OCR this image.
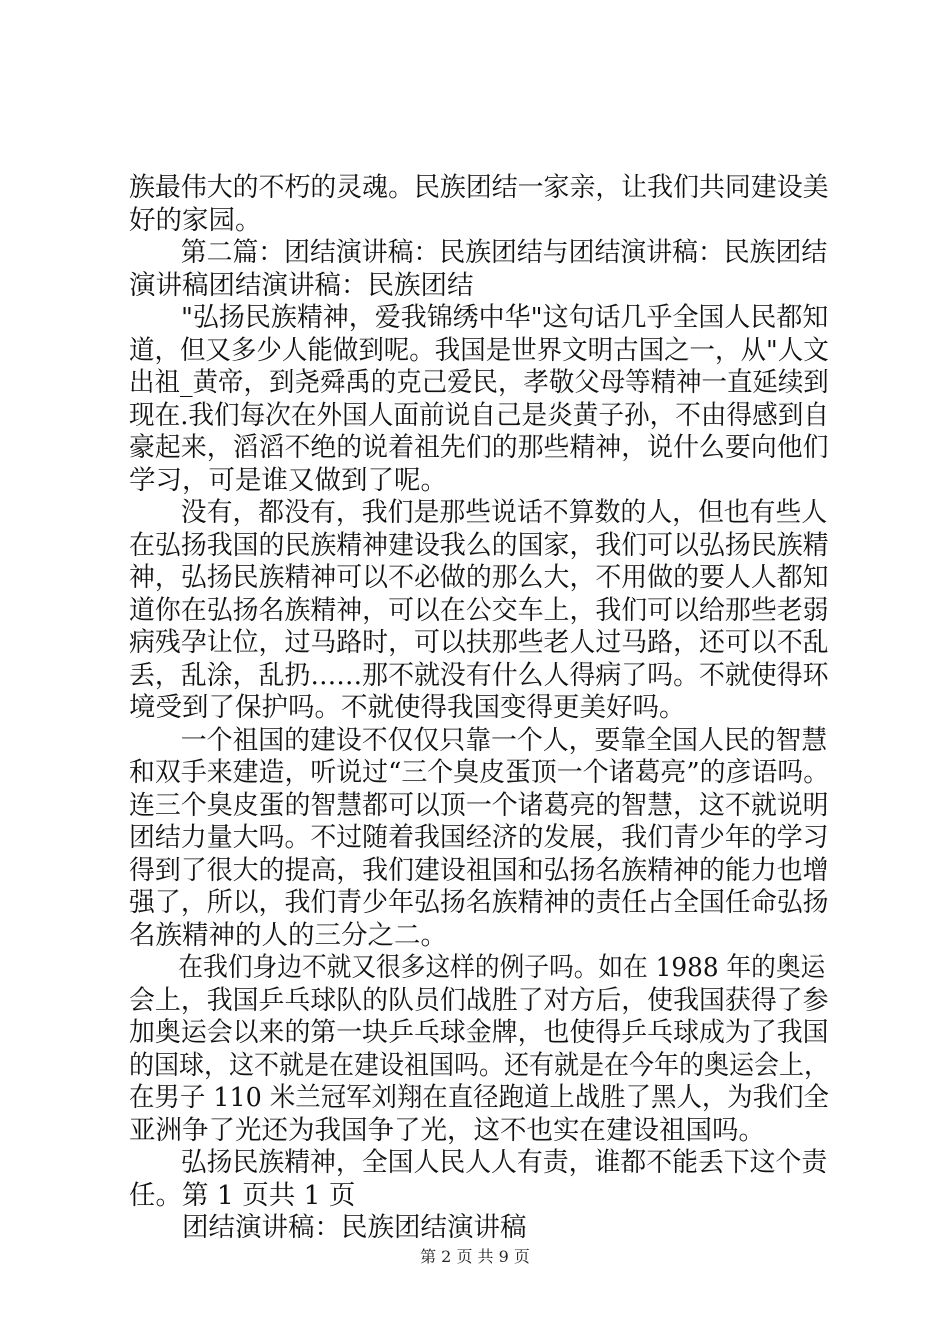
族最伟大的不朽的灵魂。民族团结一家亲，让我们共同建设美
好的家园。
第二篇：团结演讲稿：民族团结与团结演讲稿：民族团结
演讲稿团结演讲稿：民族团结
"弘扬民族精神，爱我锦绣中华"这句话几乎全国人民都知
道，但又多少人能做到呢。我国是世界文明古国之一，从"人文
出祖_黄帝，到尧舜禹的克己爱民，孝敬父母等精神一直延续到
现在.我们每次在外国人面前说自己是炎黄子孙，不由得感到自
豪起来，滔滔不绝的说着祖先们的那些精神，说什么要向他们
学习，可是谁又做到了呢。
没有，都没有，我们是那些说话不算数的人，但也有些人
在弘扬我国的民族精神建设我么的国家，我们可以弘扬民族精
神，弘扬民族精神可以不必做的那么大，不用做的要人人都知
道你在弘扬名族精神，可以在公交车上，我们可以给那些老弱
病残孕让位，过马路时，可以扶那些老人过马路，还可以不乱
丢，乱涂，乱扔……那不就没有什么人得病了吗。不就使得环
境受到了保护吗。不就使得我国变得更美好吗。
一个祖国的建设不仅仅只靠一个人，要靠全国人民的智慧
和双手来建造，听说过“三个臭皮蛋顶一个诸葛亮”的彦语吗。
连三个臭皮蛋的智慧都可以顶一个诸葛亮的智慧，这不就说明
团结力量大吗。不过随着我国经济的发展，我们青少年的学习
得到了很大的提高，我们建设祖国和弘扬名族精神的能力也增
强了，所以，我们青少年弘扬名族精神的责任占全国任命弘扬
名族精神的人的三分之二。
在我们身边不就又很多这样的例子吗。如在 1988 年的奥运
会上，我国乒乓球队的队员们战胜了对方后，使我国获得了参
加奥运会以来的第一块乒乓球金牌，也使得乒乓球成为了我国
的国球，这不就是在建设祖国吗。还有就是在今年的奥运会上，
在男子 110 米兰冠军刘翔在直径跑道上战胜了黑人，为我们全
亚洲争了光还为我国争了光，这不也实在建设祖国吗。
弘扬民族精神，全国人民人人有责，谁都不能丢下这个责
任。第 1 页共 1 页
团结演讲稿：民族团结演讲稿
第 2 页 共 9 页
